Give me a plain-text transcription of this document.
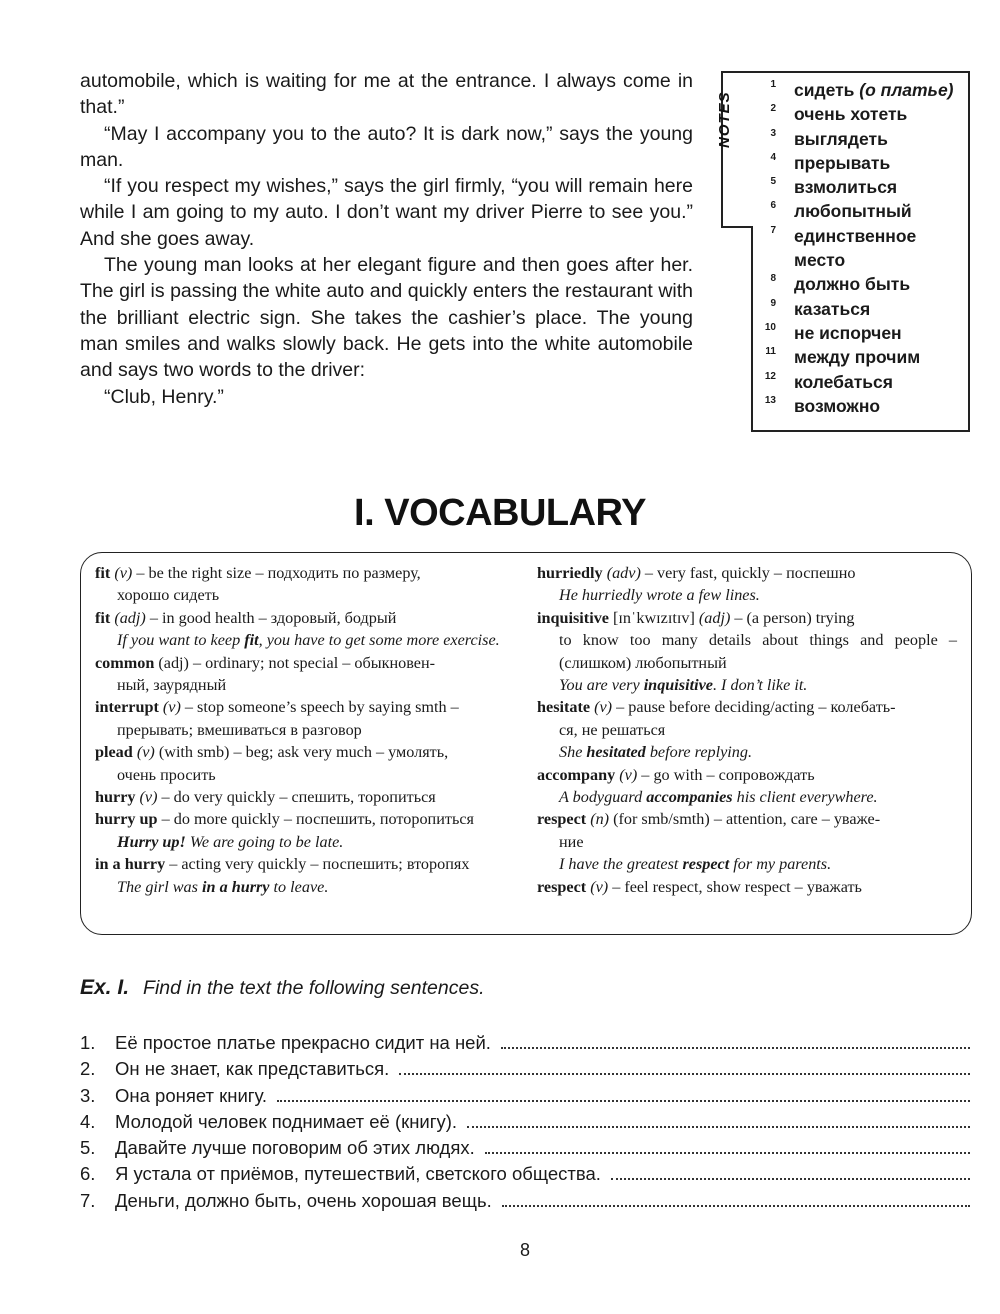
automobile, which is waiting for me at the entrance. I always come in that.”

“May I accompany you to the auto? It is dark now,” says the young man.

“If you respect my wishes,” says the girl firmly, “you will remain here while I am going to my auto. I don’t want my driver Pierre to see you.” And she goes away.

The young man looks at her elegant figure and then goes after her. The girl is passing the white auto and quickly enters the restaurant with the brilliant electric sign. She takes the cashier’s place. The young man smiles and walks slowly back. He gets into the white automobile and says two words to the driver:

“Club, Henry.”

NOTES
1 сидеть (о платье)
2 очень хотеть
3 выглядеть
4 прерывать
5 взмолиться
6 любопытный
7 единственное
место
8 должно быть
9 казаться
10 не испорчен
11 между прочим
12 колебаться
13 возможно
I. VOCABULARY
fit (v) – be the right size – подходить по размеру,
хорошо сидеть
fit (adj) – in good health – здоровый, бодрый
If you want to keep fit, you have to get some more exercise.
common (adj) – ordinary; not special – обыкновен-
ный, заурядный
interrupt (v) – stop someone’s speech by saying smth –
прерывать; вмешиваться в разговор
plead (v) (with smb) – beg; ask very much – умолять,
очень просить
hurry (v) – do very quickly – спешить, торопиться
hurry up – do more quickly – поспешить, поторопиться
Hurry up! We are going to be late.
in a hurry – acting very quickly – поспешить; второпях
The girl was in a hurry to leave.
hurriedly (adv) – very fast, quickly – поспешно
He hurriedly wrote a few lines.
inquisitive [ɪnˈkwɪzɪtɪv] (adj) – (a person) trying
to know too many details about things and people – (слишком) любопытный
You are very inquisitive. I don’t like it.
hesitate (v) – pause before deciding/acting – колебать-
ся, не решаться
She hesitated before replying.
accompany (v) – go with – сопровождать
A bodyguard accompanies his client everywhere.
respect (n) (for smb/smth) – attention, care – уваже-
ние
I have the greatest respect for my parents.
respect (v) – feel respect, show respect – уважать
Ex. I. Find in the text the following sentences.
1.	Её простое платье прекрасно сидит на ней.
2.	Он не знает, как представиться.
3.	Она роняет книгу.
4.	Молодой человек поднимает её (книгу).
5.	Давайте лучше поговорим об этих людях.
6.	Я устала от приёмов, путешествий, светского общества.
7.	Деньги, должно быть, очень хорошая вещь.
8
